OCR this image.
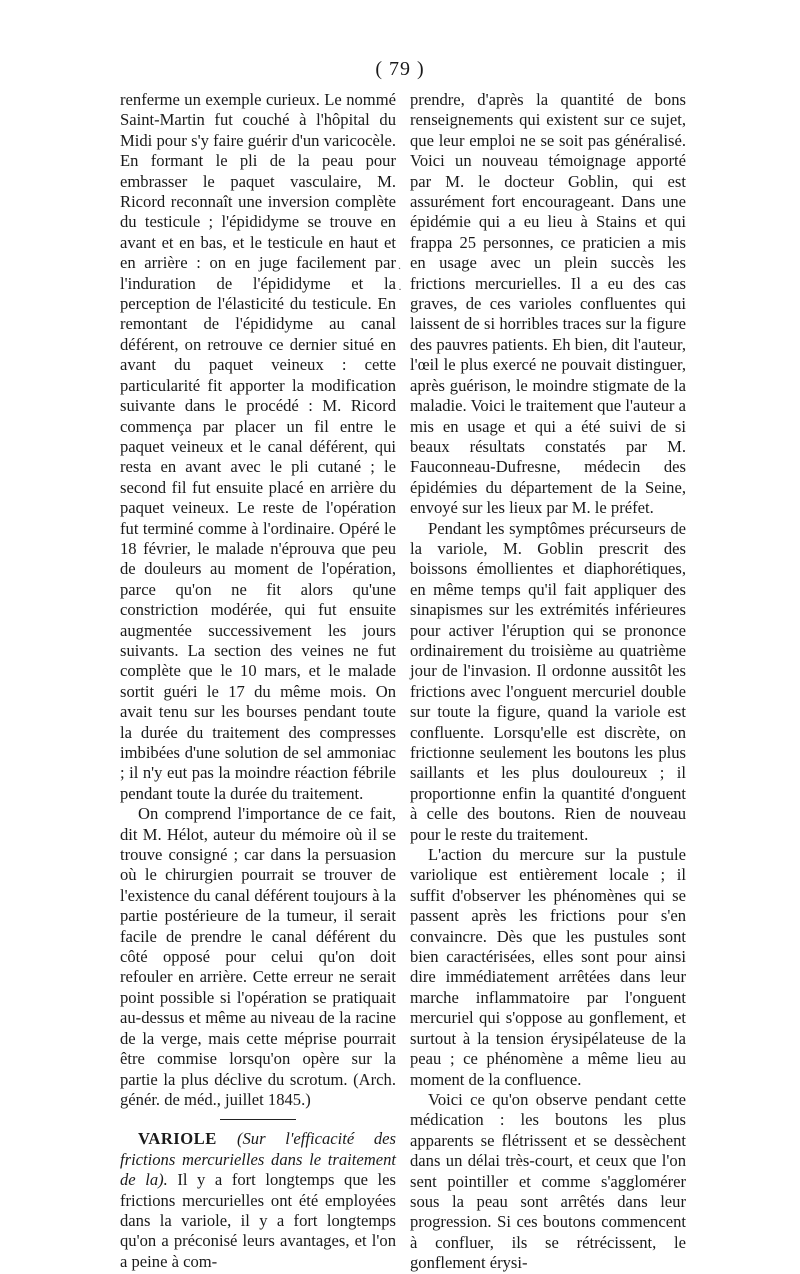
( 79 )

renferme un exemple curieux. Le nommé Saint-Martin fut couché à l'hôpital du Midi pour s'y faire guérir d'un varicocèle. En formant le pli de la peau pour embrasser le paquet vasculaire, M. Ricord reconnaît une inversion complète du testicule ; l'épididyme se trouve en avant et en bas, et le testicule en haut et en arrière : on en juge facilement par l'induration de l'épididyme et la perception de l'élasticité du testicule. En remontant de l'épididyme au canal déférent, on retrouve ce dernier situé en avant du paquet veineux : cette particularité fit apporter la modification suivante dans le procédé : M. Ricord commença par placer un fil entre le paquet veineux et le canal déférent, qui resta en avant avec le pli cutané ; le second fil fut ensuite placé en arrière du paquet veineux. Le reste de l'opération fut terminé comme à l'ordinaire. Opéré le 18 février, le malade n'éprouva que peu de douleurs au moment de l'opération, parce qu'on ne fit alors qu'une constriction modérée, qui fut ensuite augmentée successivement les jours suivants. La section des veines ne fut complète que le 10 mars, et le malade sortit guéri le 17 du même mois. On avait tenu sur les bourses pendant toute la durée du traitement des compresses imbibées d'une solution de sel ammoniac ; il n'y eut pas la moindre réaction fébrile pendant toute la durée du traitement.

On comprend l'importance de ce fait, dit M. Hélot, auteur du mémoire où il se trouve consigné ; car dans la persuasion où le chirurgien pourrait se trouver de l'existence du canal déférent toujours à la partie postérieure de la tumeur, il serait facile de prendre le canal déférent du côté opposé pour celui qu'on doit refouler en arrière. Cette erreur ne serait point possible si l'opération se pratiquait au-dessus et même au niveau de la racine de la verge, mais cette méprise pourrait être commise lorsqu'on opère sur la partie la plus déclive du scrotum. (Arch. génér. de méd., juillet 1845.)

VARIOLE (Sur l'efficacité des frictions mercurielles dans le traitement de la). Il y a fort longtemps que les frictions mercurielles ont été employées dans la variole, il y a fort longtemps qu'on a préconisé leurs avantages, et l'on a peine à com-

.
·

prendre, d'après la quantité de bons renseignements qui existent sur ce sujet, que leur emploi ne se soit pas généralisé. Voici un nouveau témoignage apporté par M. le docteur Goblin, qui est assurément fort encourageant. Dans une épidémie qui a eu lieu à Stains et qui frappa 25 personnes, ce praticien a mis en usage avec un plein succès les frictions mercurielles. Il a eu des cas graves, de ces varioles confluentes qui laissent de si horribles traces sur la figure des pauvres patients. Eh bien, dit l'auteur, l'œil le plus exercé ne pouvait distinguer, après guérison, le moindre stigmate de la maladie. Voici le traitement que l'auteur a mis en usage et qui a été suivi de si beaux résultats constatés par M. Fauconneau-Dufresne, médecin des épidémies du département de la Seine, envoyé sur les lieux par M. le préfet.

Pendant les symptômes précurseurs de la variole, M. Goblin prescrit des boissons émollientes et diaphorétiques, en même temps qu'il fait appliquer des sinapismes sur les extrémités inférieures pour activer l'éruption qui se prononce ordinairement du troisième au quatrième jour de l'invasion. Il ordonne aussitôt les frictions avec l'onguent mercuriel double sur toute la figure, quand la variole est confluente. Lorsqu'elle est discrète, on frictionne seulement les boutons les plus saillants et les plus douloureux ; il proportionne enfin la quantité d'onguent à celle des boutons. Rien de nouveau pour le reste du traitement.

L'action du mercure sur la pustule variolique est entièrement locale ; il suffit d'observer les phénomènes qui se passent après les frictions pour s'en convaincre. Dès que les pustules sont bien caractérisées, elles sont pour ainsi dire immédiatement arrêtées dans leur marche inflammatoire par l'onguent mercuriel qui s'oppose au gonflement, et surtout à la tension érysipélateuse de la peau ; ce phénomène a même lieu au moment de la confluence.

Voici ce qu'on observe pendant cette médication : les boutons les plus apparents se flétrissent et se dessèchent dans un délai très-court, et ceux que l'on sent pointiller et comme s'agglomérer sous la peau sont arrêtés dans leur progression. Si ces boutons commencent à confluer, ils se rétrécissent, le gonflement érysi-
